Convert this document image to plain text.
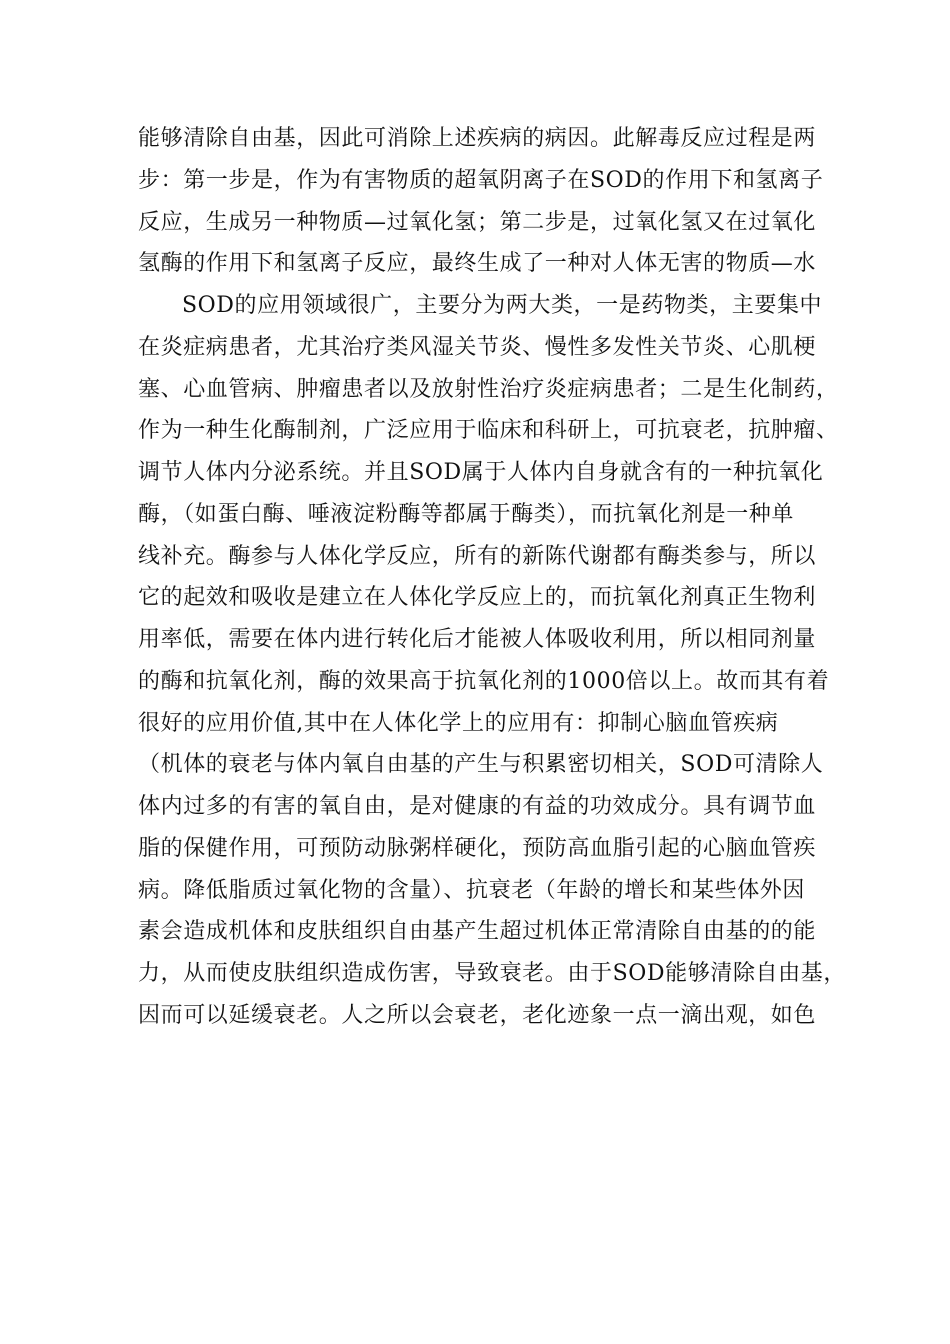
能够清除自由基，因此可消除上述疾病的病因。此解毒反应过程是两
步：第一步是，作为有害物质的超氧阴离子在SOD的作用下和氢离子
反应，生成另一种物质—过氧化氢；第二步是，过氧化氢又在过氧化
氢酶的作用下和氢离子反应，最终生成了一种对人体无害的物质—水
SOD的应用领域很广，主要分为两大类，一是药物类，主要集中
在炎症病患者，尤其治疗类风湿关节炎、慢性多发性关节炎、心肌梗
塞、心血管病、肿瘤患者以及放射性治疗炎症病患者；二是生化制药，
作为一种生化酶制剂，广泛应用于临床和科研上，可抗衰老，抗肿瘤、
调节人体内分泌系统。并且SOD属于人体内自身就含有的一种抗氧化
酶，（如蛋白酶、唾液淀粉酶等都属于酶类），而抗氧化剂是一种单
线补充。酶参与人体化学反应，所有的新陈代谢都有酶类参与，所以
它的起效和吸收是建立在人体化学反应上的，而抗氧化剂真正生物利
用率低，需要在体内进行转化后才能被人体吸收利用，所以相同剂量
的酶和抗氧化剂，酶的效果高于抗氧化剂的1000倍以上。故而其有着
很好的应用价值,其中在人体化学上的应用有：抑制心脑血管疾病
（机体的衰老与体内氧自由基的产生与积累密切相关，SOD可清除人
体内过多的有害的氧自由，是对健康的有益的功效成分。具有调节血
脂的保健作用，可预防动脉粥样硬化，预防高血脂引起的心脑血管疾
病。降低脂质过氧化物的含量）、抗衰老（年龄的增长和某些体外因
素会造成机体和皮肤组织自由基产生超过机体正常清除自由基的的能
力，从而使皮肤组织造成伤害，导致衰老。由于SOD能够清除自由基，
因而可以延缓衰老。人之所以会衰老，老化迹象一点一滴出观，如色
